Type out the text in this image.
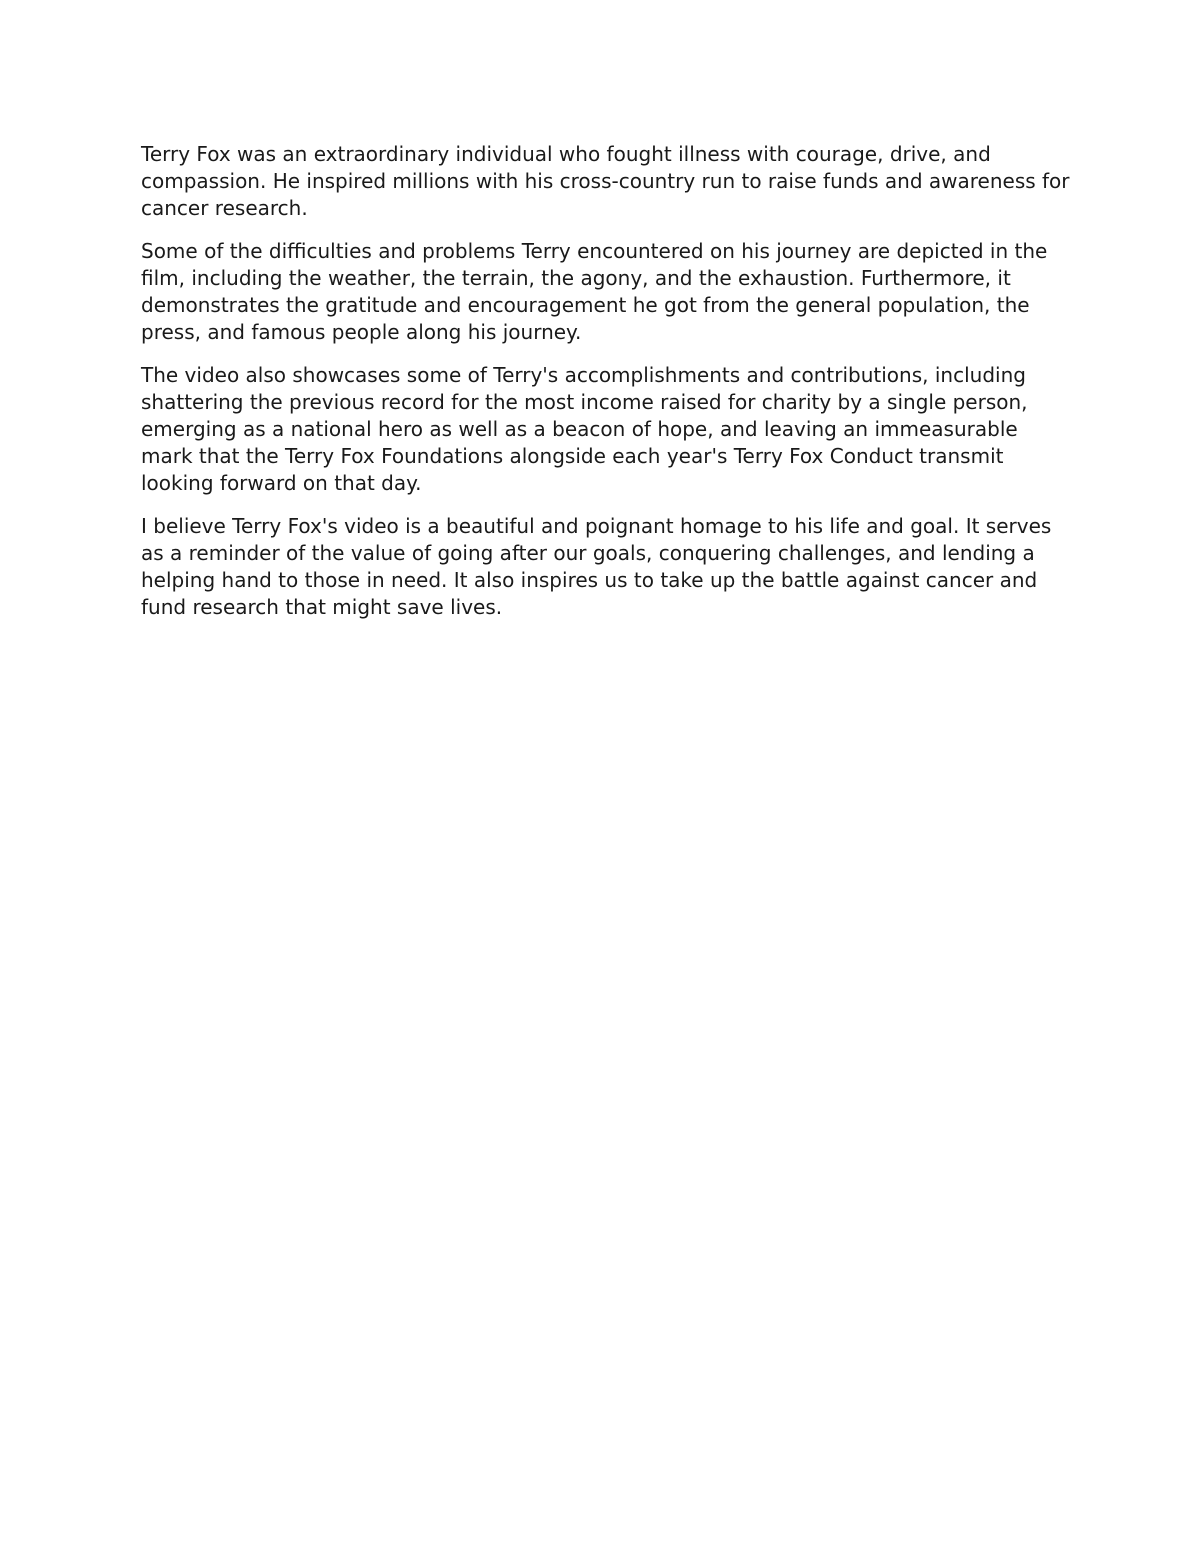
Terry Fox was an extraordinary individual who fought illness with courage, drive, and compassion. He inspired millions with his cross-country run to raise funds and awareness for cancer research.

Some of the difficulties and problems Terry encountered on his journey are depicted in the film, including the weather, the terrain, the agony, and the exhaustion. Furthermore, it demonstrates the gratitude and encouragement he got from the general population, the press, and famous people along his journey.

The video also showcases some of Terry's accomplishments and contributions, including shattering the previous record for the most income raised for charity by a single person, emerging as a national hero as well as a beacon of hope, and leaving an immeasurable mark that the Terry Fox Foundations alongside each year's Terry Fox Conduct transmit looking forward on that day.

I believe Terry Fox's video is a beautiful and poignant homage to his life and goal. It serves as a reminder of the value of going after our goals, conquering challenges, and lending a helping hand to those in need. It also inspires us to take up the battle against cancer and fund research that might save lives.
